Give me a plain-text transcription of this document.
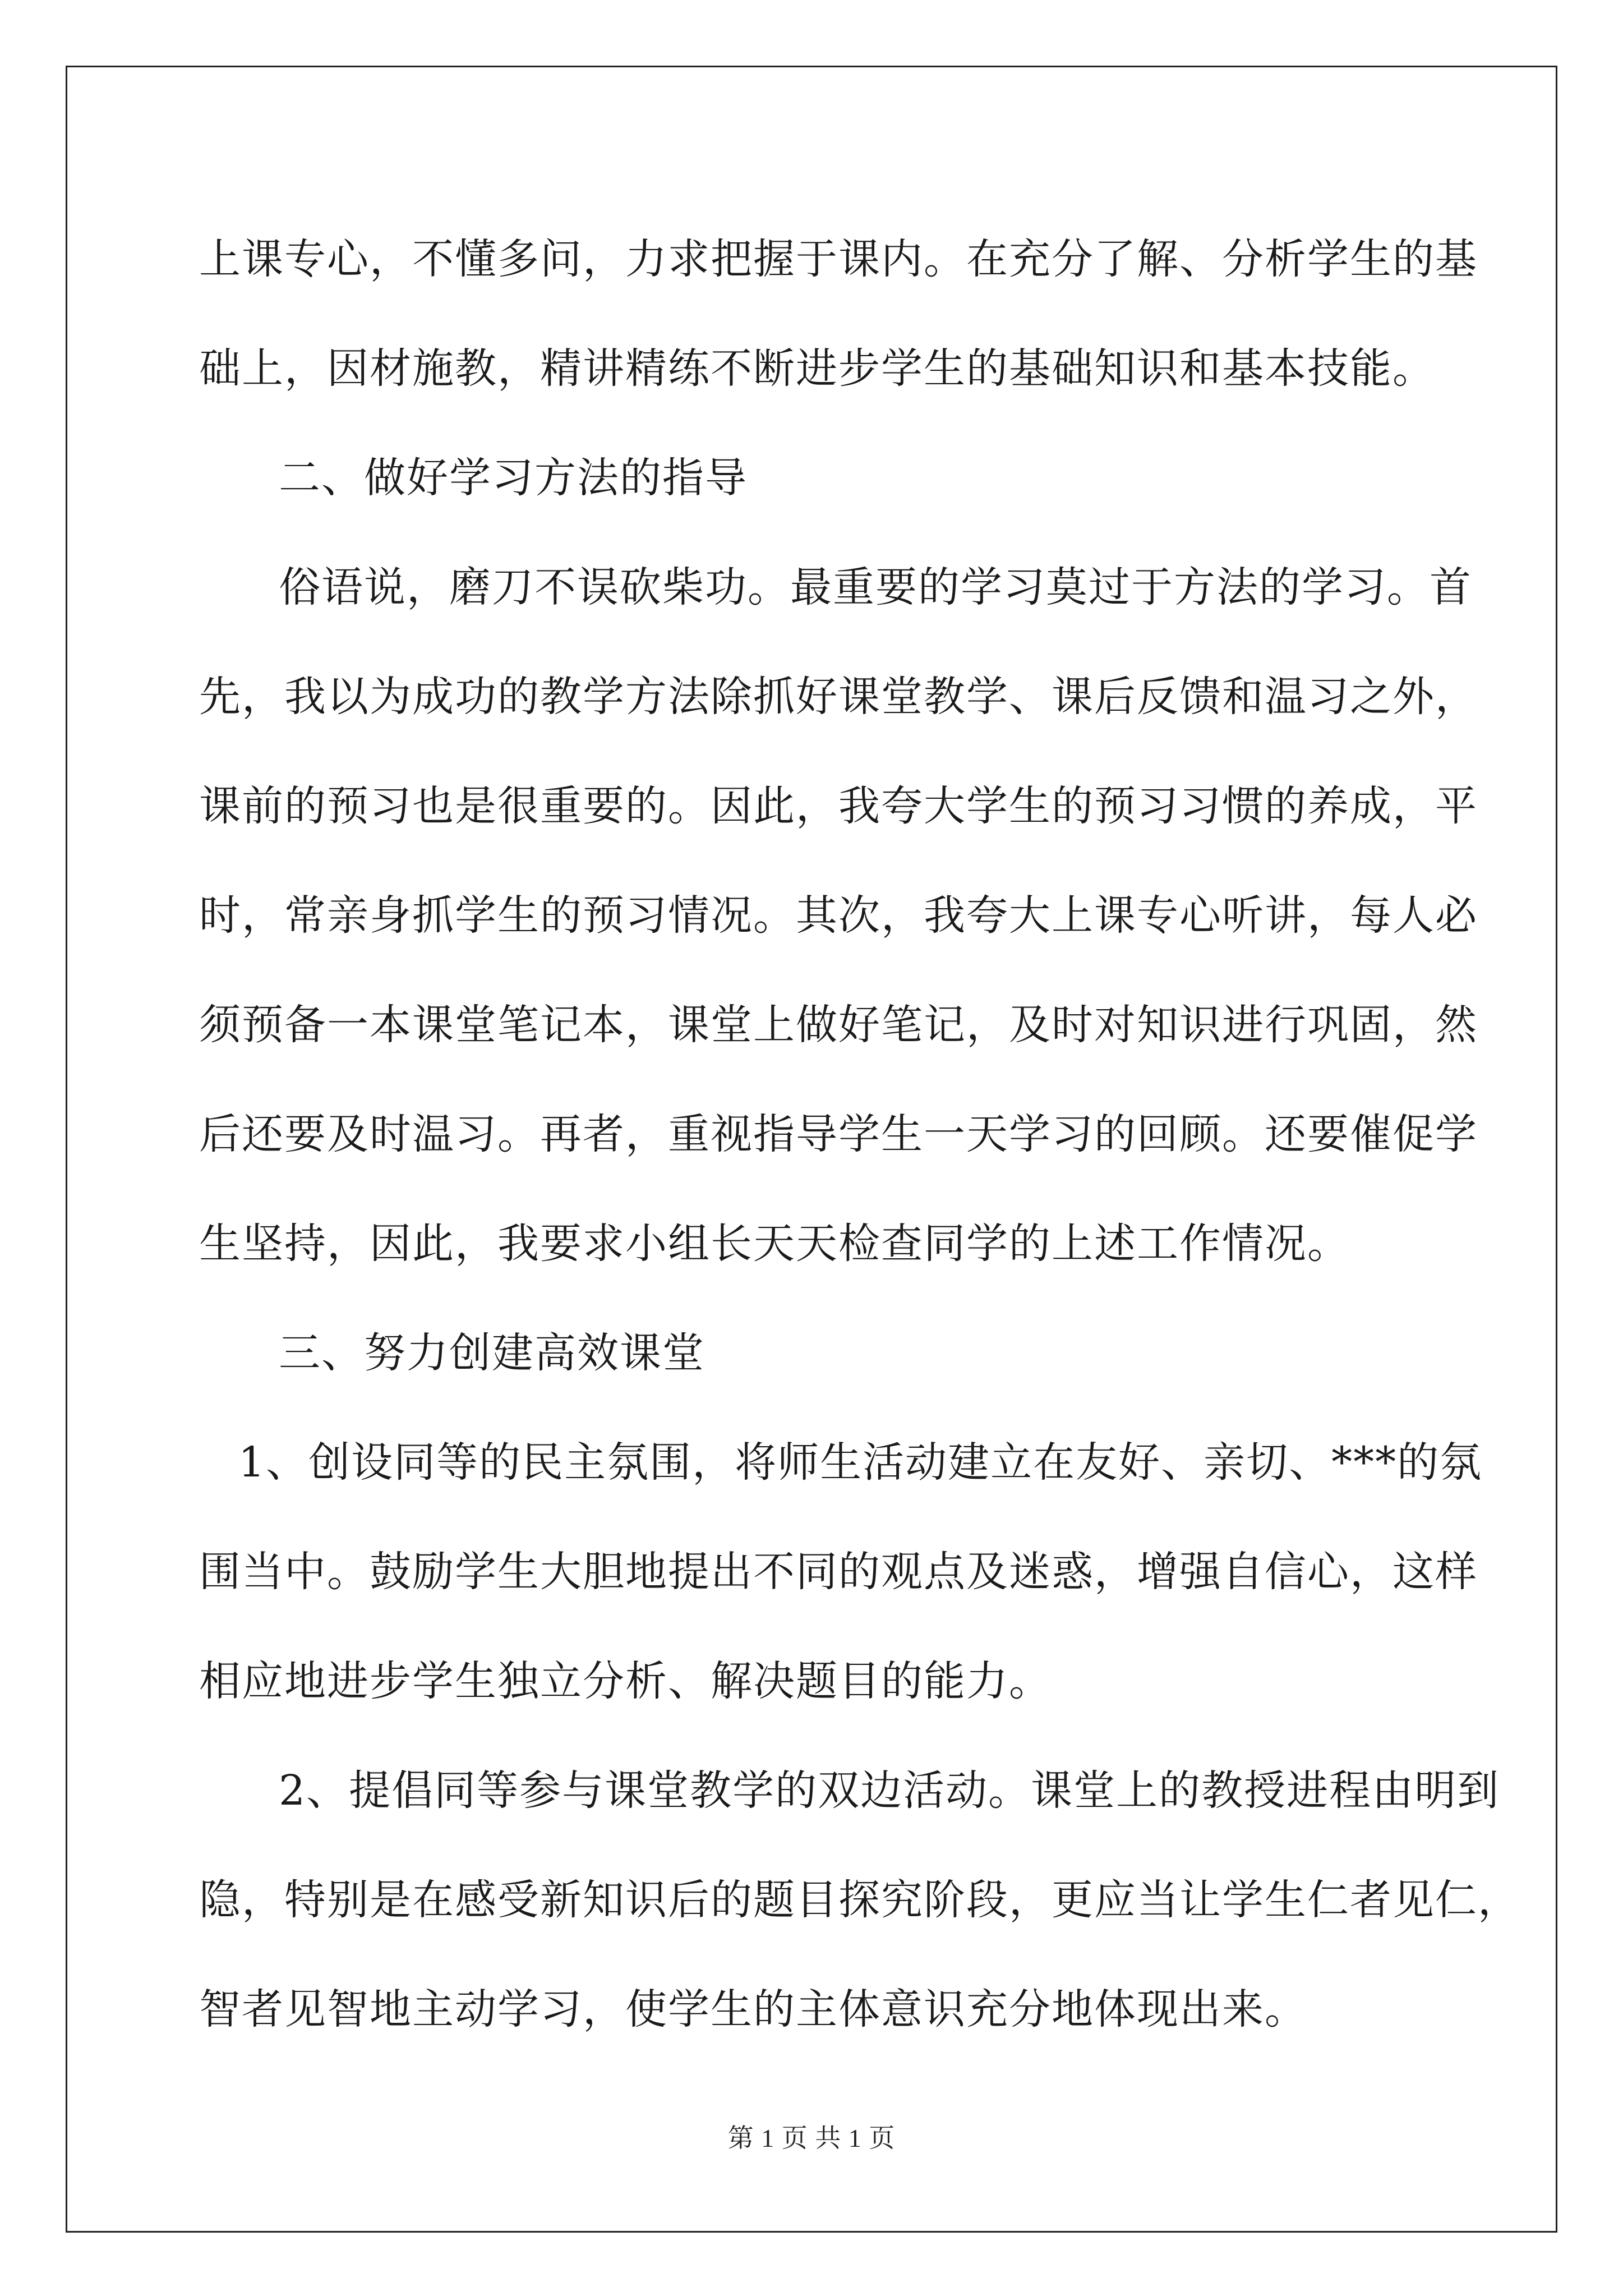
上课专心，不懂多问，力求把握于课内。在充分了解、分析学生的基
础上，因材施教，精讲精练不断进步学生的基础知识和基本技能。
二、做好学习方法的指导
俗语说，磨刀不误砍柴功。最重要的学习莫过于方法的学习。首
先，我以为成功的教学方法除抓好课堂教学、课后反馈和温习之外，
课前的预习也是很重要的。因此，我夸大学生的预习习惯的养成，平
时，常亲身抓学生的预习情况。其次，我夸大上课专心听讲，每人必
须预备一本课堂笔记本，课堂上做好笔记，及时对知识进行巩固，然
后还要及时温习。再者，重视指导学生一天学习的回顾。还要催促学
生坚持，因此，我要求小组长天天检查同学的上述工作情况。
三、努力创建高效课堂
1、创设同等的民主氛围，将师生活动建立在友好、亲切、***的氛
围当中。鼓励学生大胆地提出不同的观点及迷惑，增强自信心，这样
相应地进步学生独立分析、解决题目的能力。
2、提倡同等参与课堂教学的双边活动。课堂上的教授进程由明到
隐，特别是在感受新知识后的题目探究阶段，更应当让学生仁者见仁，
智者见智地主动学习，使学生的主体意识充分地体现出来。
第 1 页 共 1 页
